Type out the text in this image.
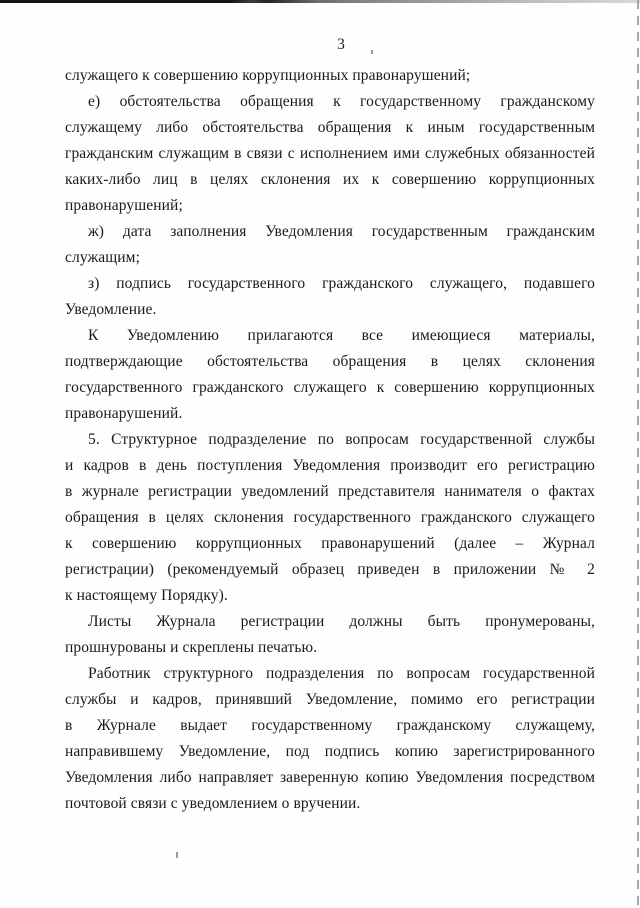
3
служащего к совершению коррупционных правонарушений;
е) обстоятельства обращения к государственному гражданскому
служащему либо обстоятельства обращения к иным государственным
гражданским служащим в связи с исполнением ими служебных обязанностей
каких-либо лиц в целях склонения их к совершению коррупционных
правонарушений;
ж) дата заполнения Уведомления государственным гражданским
служащим;
з) подпись государственного гражданского служащего, подавшего
Уведомление.
К Уведомлению прилагаются все имеющиеся материалы,
подтверждающие обстоятельства обращения в целях склонения
государственного гражданского служащего к совершению коррупционных
правонарушений.
5. Структурное подразделение по вопросам государственной службы
и кадров в день поступления Уведомления производит его регистрацию
в журнале регистрации уведомлений представителя нанимателя о фактах
обращения в целях склонения государственного гражданского служащего
к совершению коррупционных правонарушений (далее – Журнал
регистрации) (рекомендуемый образец приведен в приложении № 2
к настоящему Порядку).
Листы Журнала регистрации должны быть пронумерованы,
прошнурованы и скреплены печатью.
Работник структурного подразделения по вопросам государственной
службы и кадров, принявший Уведомление, помимо его регистрации
в Журнале выдает государственному гражданскому служащему,
направившему Уведомление, под подпись копию зарегистрированного
Уведомления либо направляет заверенную копию Уведомления посредством
почтовой связи с уведомлением о вручении.
